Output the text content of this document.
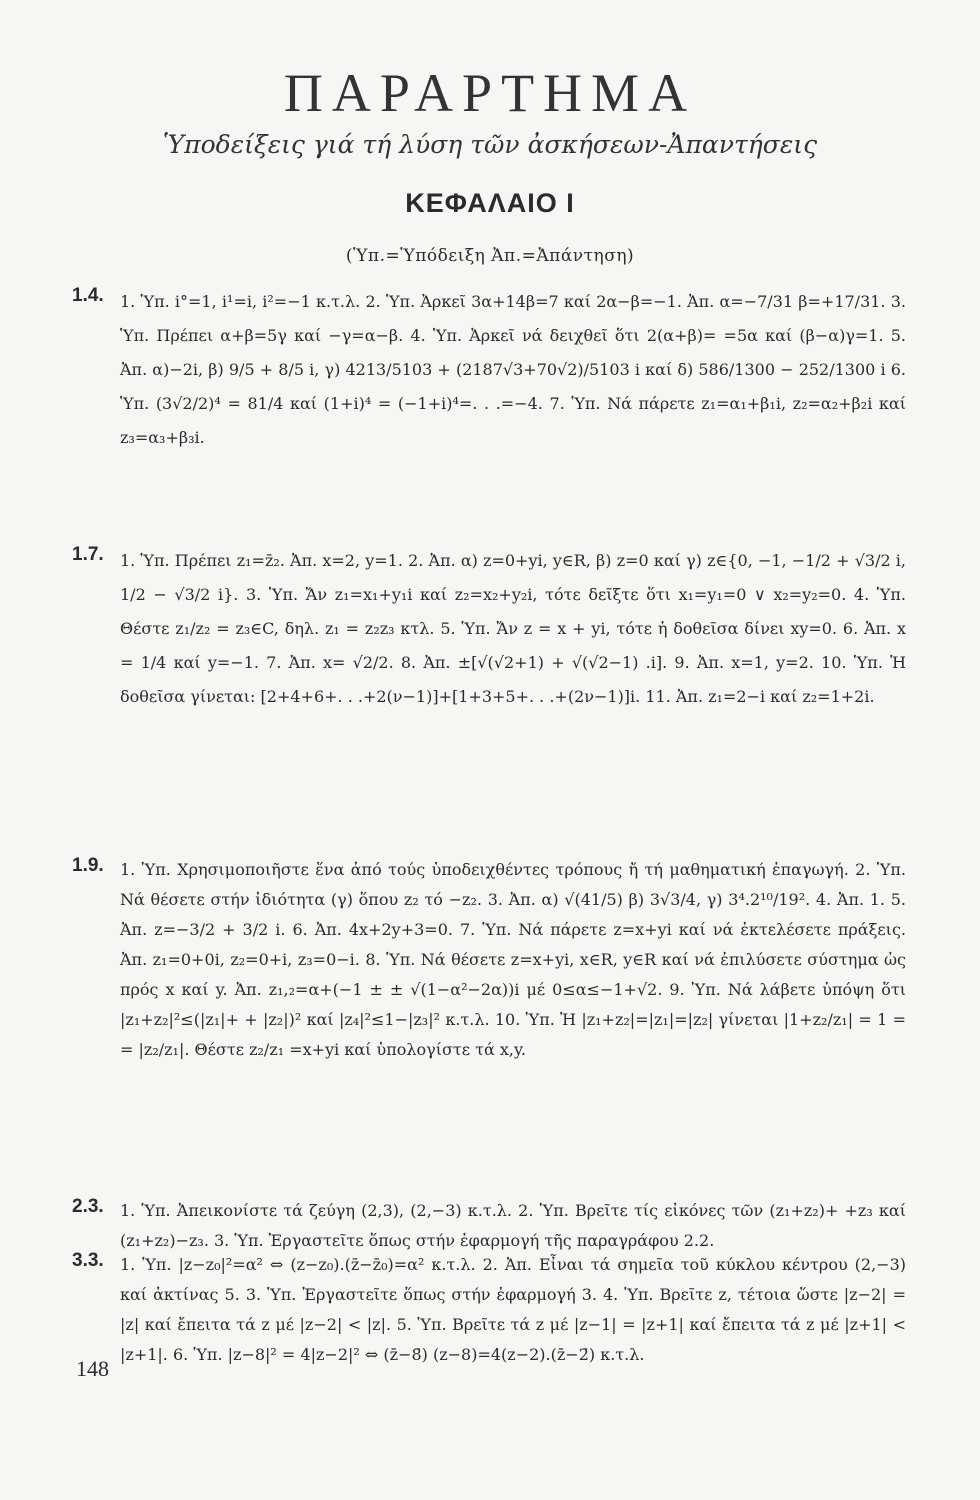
ΠΑΡΑΡΤΗΜΑ
Ὑποδείξεις γιά τή λύση τῶν ἀσκήσεων-Ἀπαντήσεις
ΚΕΦΑΛΑΙΟ I
(Ὑπ.=Ὑπόδειξη Ἀπ.=Ἀπάντηση)
1.4. 1. Ὑπ. i°=1, i¹=i, i²=−1 κ.τ.λ. 2. Ὑπ. Ἀρκεῖ 3α+14β=7 καί 2α−β=−1. Ἀπ. α=−7/31 β=+17/31. 3. Ὑπ. Πρέπει α+β=5γ καί −γ=α−β. 4. Ὑπ. Ἀρκεῖ νά δειχθεῖ ὅτι 2(α+β)= =5α καί (β−α)γ=1. 5. Ἀπ. α)−2i, β) 9/5 + 8/5 i, γ) 4213/5103 + (2187√3+70√2)/5103 i καί δ) 586/1300 − 252/1300 i 6. Ὑπ. (3√2/2)⁴ = 81/4 καί (1+i)⁴ = (−1+i)⁴=. . .=−4. 7. Ὑπ. Νά πάρετε z₁=α₁+β₁i, z₂=α₂+β₂i καί z₃=α₃+β₃i.
1.7. 1. Ὑπ. Πρέπει z₁=z̄₂. Ἀπ. x=2, y=1. 2. Ἀπ. α) z=0+yi, y∈R, β) z=0 καί γ) z∈{0, −1, −1/2 + √3/2 i, 1/2 − √3/2 i}. 3. Ὑπ. Ἄν z₁=x₁+y₁i καί z₂=x₂+y₂i, τότε δεῖξτε ὅτι x₁=y₁=0 ∨ x₂=y₂=0. 4. Ὑπ. Θέστε z₁/z₂ = z₃∈C, δηλ. z₁ = z₂z₃ κτλ. 5. Ὑπ. Ἄν z = x + yi, τότε ἡ δοθεῖσα δίνει xy=0. 6. Ἀπ. x = 1/4 καί y=−1. 7. Ἀπ. x= √2/2. 8. Ἀπ. ±[√(√2+1) + √(√2−1) .i]. 9. Ἀπ. x=1, y=2. 10. Ὑπ. Ἡ δοθεῖσα γίνεται: [2+4+6+. . .+2(ν−1)]+[1+3+5+. . .+(2ν−1)]i. 11. Ἀπ. z₁=2−i καί z₂=1+2i.
1.9. 1. Ὑπ. Χρησιμοποιῆστε ἕνα ἀπό τούς ὑποδειχθέντες τρόπους ἤ τή μαθηματική ἐπαγωγή. 2. Ὑπ. Νά θέσετε στήν ἰδιότητα (γ) ὅπου z₂ τό −z₂. 3. Ἀπ. α) √(41/5) β) 3√3/4, γ) 3⁴.2¹⁰/19². 4. Ἀπ. 1. 5. Ἀπ. z=−3/2 + 3/2 i. 6. Ἀπ. 4x+2y+3=0. 7. Ὑπ. Νά πάρετε z=x+yi καί νά ἐκτελέσετε πράξεις. Ἀπ. z₁=0+0i, z₂=0+i, z₃=0−i. 8. Ὑπ. Νά θέσετε z=x+yi, x∈R, y∈R καί νά ἐπιλύσετε σύστημα ὡς πρός x καί y. Ἀπ. z₁,₂=α+(−1 ± ± √(1−α²−2α))i μέ 0≤α≤−1+√2. 9. Ὑπ. Νά λάβετε ὑπόψη ὅτι |z₁+z₂|²≤(|z₁|+ + |z₂|)² καί |z₄|²≤1−|z₃|² κ.τ.λ. 10. Ὑπ. Ἡ |z₁+z₂|=|z₁|=|z₂| γίνεται |1+z₂/z₁| = 1 = = |z₂/z₁|. Θέστε z₂/z₁ =x+yi καί ὑπολογίστε τά x,y.
2.3. 1. Ὑπ. Ἀπεικονίστε τά ζεύγη (2,3), (2,−3) κ.τ.λ. 2. Ὑπ. Βρεῖτε τίς εἰκόνες τῶν (z₁+z₂)+ +z₃ καί (z₁+z₂)−z₃. 3. Ὑπ. Ἐργαστεῖτε ὅπως στήν ἐφαρμογή τῆς παραγράφου 2.2.
3.3. 1. Ὑπ. |z−z₀|²=α² ⇔ (z−z₀).(z̄−z̄₀)=α² κ.τ.λ. 2. Ἀπ. Εἶναι τά σημεῖα τοῦ κύκλου κέντρου (2,−3) καί ἀκτίνας 5. 3. Ὑπ. Ἐργαστεῖτε ὅπως στήν ἐφαρμογή 3. 4. Ὑπ. Βρεῖτε z, τέτοια ὥστε |z−2| = |z| καί ἔπειτα τά z μέ |z−2| < |z|. 5. Ὑπ. Βρεῖτε τά z μέ |z−1| = |z+1| καί ἔπειτα τά z μέ |z+1| < |z+1|. 6. Ὑπ. |z−8|² = 4|z−2|² ⇔ (z̄−8̄) (z−8)=4(z−2).(z̄−2̄) κ.τ.λ.
148
